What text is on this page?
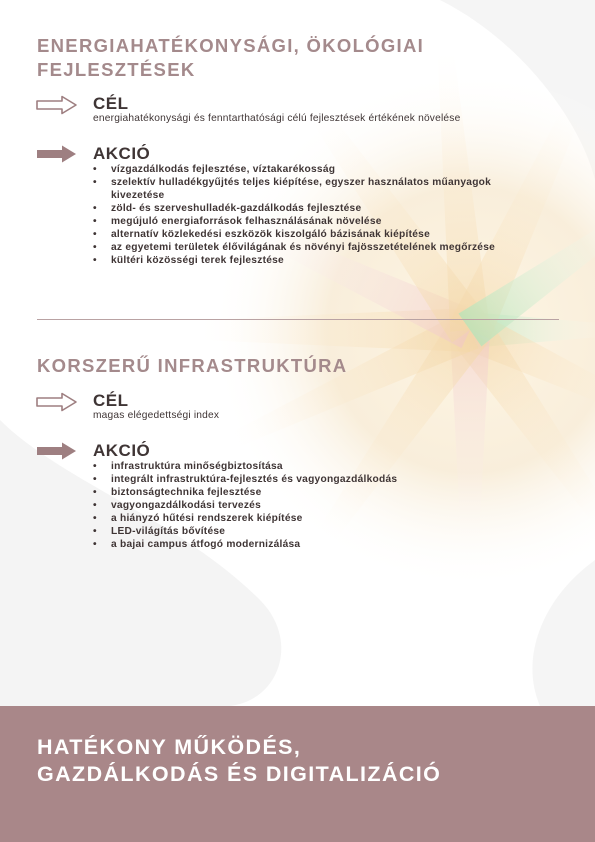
ENERGIAHATÉKONYSÁGI, ÖKOLÓGIAI
FEJLESZTÉSEK
CÉL
energiahatékonysági és fenntarthatósági célú fejlesztések értékének növelése
AKCIÓ
• vízgazdálkodás fejlesztése, víztakarékosság
• szelektív hulladékgyűjtés teljes kiépítése, egyszer használatos műanyagok kivezetése
• zöld- és szerveshulladék-gazdálkodás fejlesztése
• megújuló energiaforrások felhasználásának növelése
• alternatív közlekedési eszközök kiszolgáló bázisának kiépítése
• az egyetemi területek élővilágának és növényi fajösszetételének megőrzése
• kültéri közösségi terek fejlesztése
KORSZERŰ INFRASTRUKTÚRA
CÉL
magas elégedettségi index
AKCIÓ
• infrastruktúra minőségbiztosítása
• integrált infrastruktúra-fejlesztés és vagyongazdálkodás
• biztonságtechnika fejlesztése
• vagyongazdálkodási tervezés
• a hiányzó hűtési rendszerek kiépítése
• LED-világítás bővítése
• a bajai campus átfogó modernizálása
HATÉKONY MŰKÖDÉS,
GAZDÁLKODÁS ÉS DIGITALIZÁCIÓ
